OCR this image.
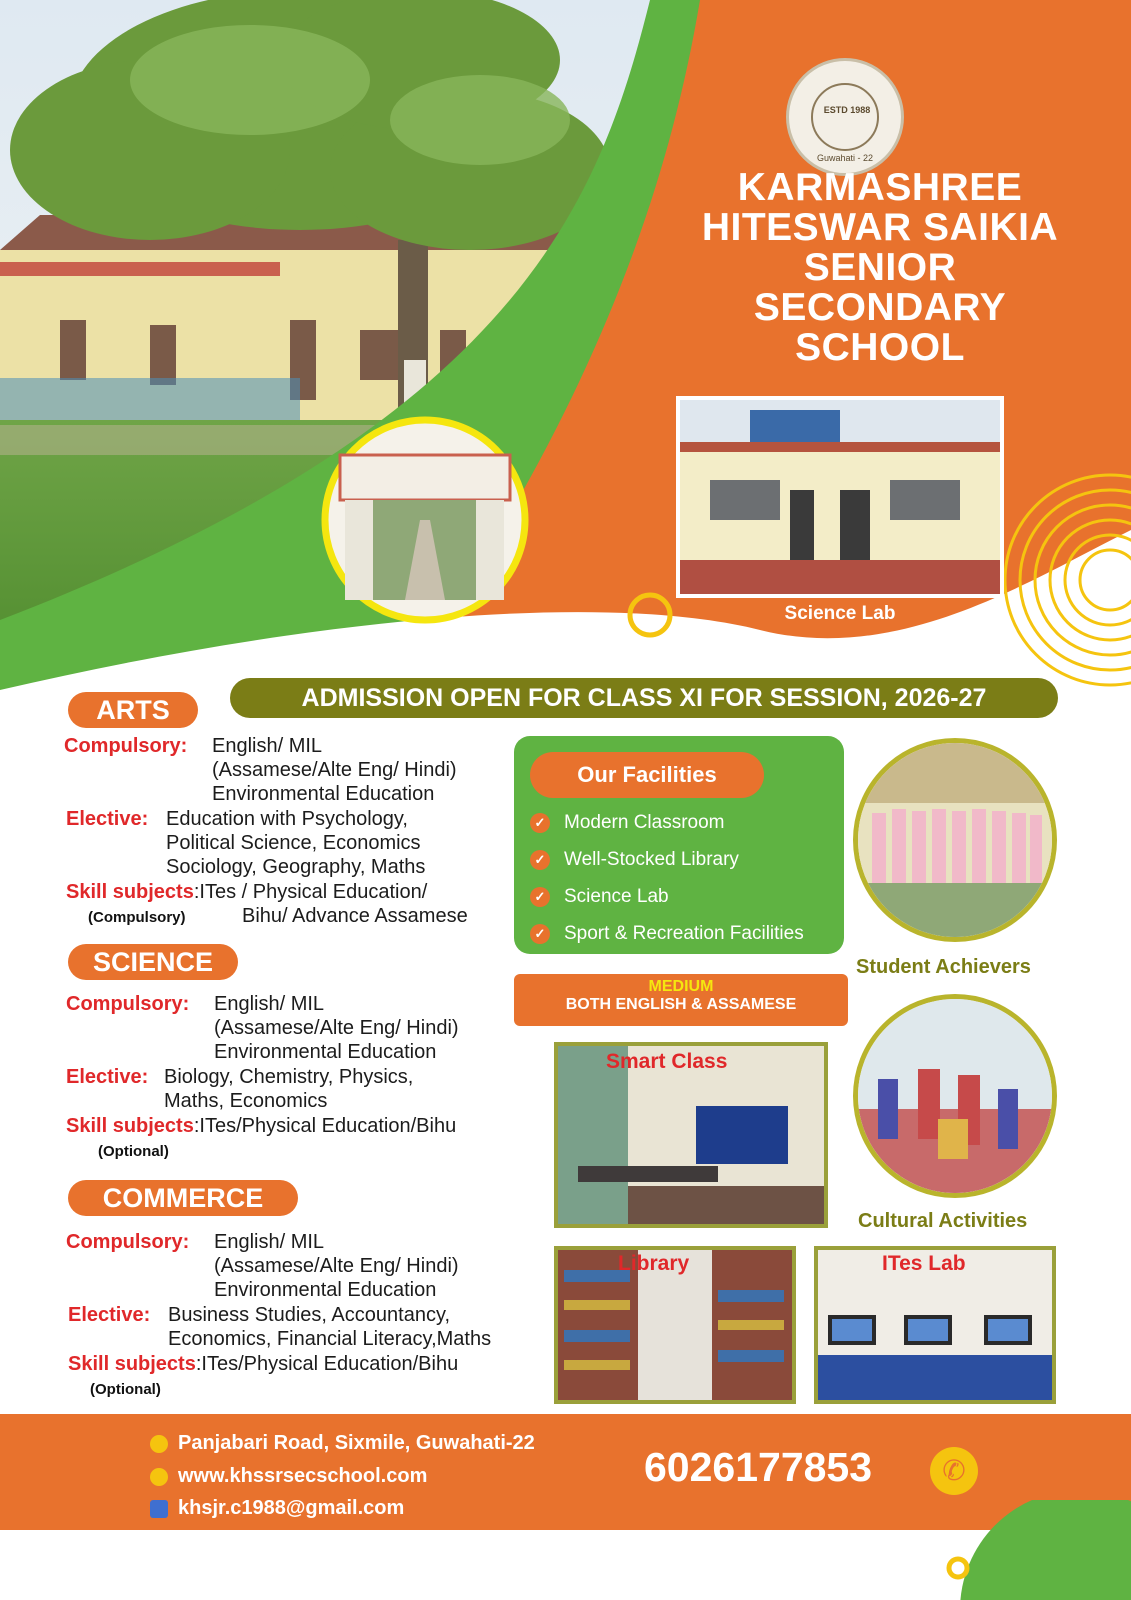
ESTD 1988
Guwahati - 22
KARMASHREE
HITESWAR SAIKIA
SENIOR
SECONDARY
SCHOOL
Science Lab
ADMISSION OPEN FOR CLASS XI FOR SESSION, 2026-27
ARTS
Compulsory: English/ MIL
(Assamese/Alte Eng/ Hindi)
Environmental Education
Elective: Education with Psychology,
Political Science, Economics
Sociology, Geography, Maths
Skill subjects:ITes / Physical Education/
(Compulsory)	Bihu/ Advance Assamese
SCIENCE
Compulsory: English/ MIL
(Assamese/Alte Eng/ Hindi)
Environmental Education
Elective: Biology, Chemistry, Physics,
Maths, Economics
Skill subjects:ITes/Physical Education/Bihu
(Optional)
COMMERCE
Compulsory: English/ MIL
(Assamese/Alte Eng/ Hindi)
Environmental Education
Elective: Business Studies, Accountancy,
Economics, Financial Literacy,Maths
Skill subjects:ITes/Physical Education/Bihu
(Optional)
Our Facilities
✓ Modern Classroom
✓ Well-Stocked Library
✓ Science Lab
✓ Sport & Recreation Facilities
MEDIUM
BOTH ENGLISH & ASSAMESE
Student Achievers
Cultural Activities
Smart Class
Library	ITes Lab
Panjabari Road, Sixmile, Guwahati-22
www.khssrsecschool.com
khsjr.c1988@gmail.com
6026177853	✆
